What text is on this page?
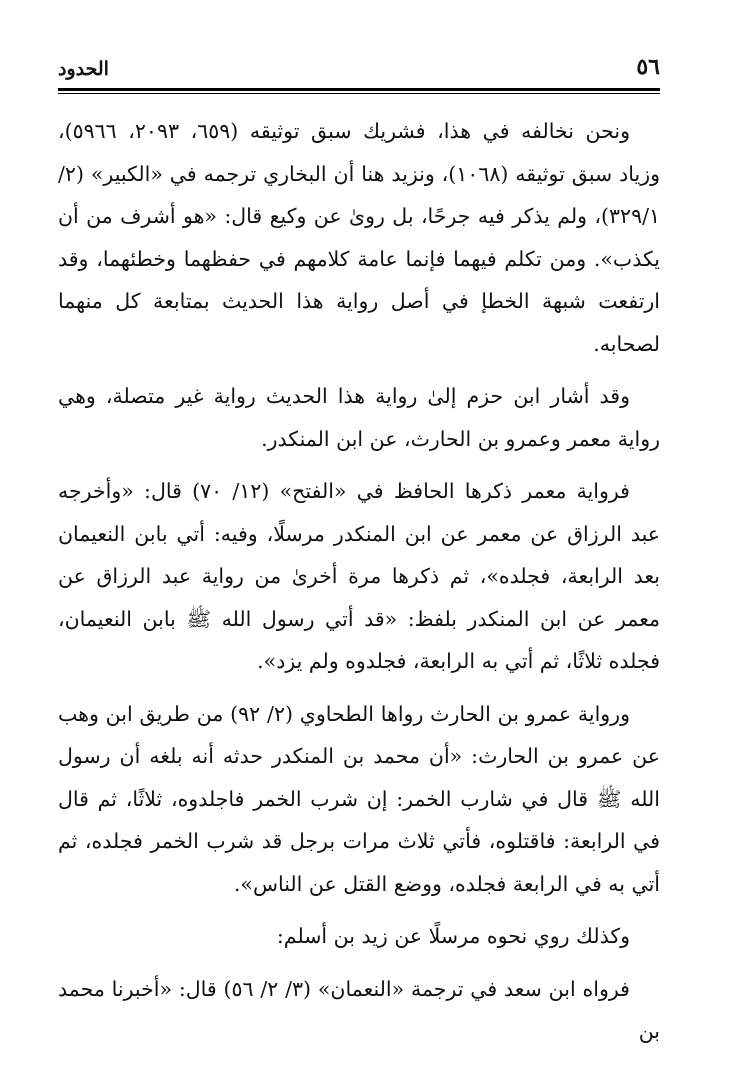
٥٦
الحدود

ونحن نخالفه في هذا، فشريك سبق توثيقه (٦٥٩، ٢٠٩٣، ٥٩٦٦)، وزياد سبق توثيقه (١٠٦٨)، ونزيد هنا أن البخاري ترجمه في «الكبير» (٢/ ٣٢٩/١)، ولم يذكر فيه جرحًا، بل روىٰ عن وكيع قال: «هو أشرف من أن يكذب». ومن تكلم فيهما فإنما عامة كلامهم في حفظهما وخطئهما، وقد ارتفعت شبهة الخطإ في أصل رواية هذا الحديث بمتابعة كل منهما لصحابه.

وقد أشار ابن حزم إلىٰ رواية هذا الحديث رواية غير متصلة، وهي رواية معمر وعمرو بن الحارث، عن ابن المنكدر.

فرواية معمر ذكرها الحافظ في «الفتح» (١٢/ ٧٠) قال: «وأخرجه عبد الرزاق عن معمر عن ابن المنكدر مرسلًا، وفيه: أتي بابن النعيمان بعد الرابعة، فجلده»، ثم ذكرها مرة أخرىٰ من رواية عبد الرزاق عن معمر عن ابن المنكدر بلفظ: «قد أتي رسول الله ﷺ بابن النعيمان، فجلده ثلاثًا، ثم أتي به الرابعة، فجلدوه ولم يزد».

ورواية عمرو بن الحارث رواها الطحاوي (٢/ ٩٢) من طريق ابن وهب عن عمرو بن الحارث: «أن محمد بن المنكدر حدثه أنه بلغه أن رسول الله ﷺ قال في شارب الخمر: إن شرب الخمر فاجلدوه، ثلاثًا، ثم قال في الرابعة: فاقتلوه، فأتي ثلاث مرات برجل قد شرب الخمر فجلده، ثم أتي به في الرابعة فجلده، ووضع القتل عن الناس».

وكذلك روي نحوه مرسلًا عن زيد بن أسلم:

فرواه ابن سعد في ترجمة «النعمان» (٣/ ٢/ ٥٦) قال: «أخبرنا محمد بن
